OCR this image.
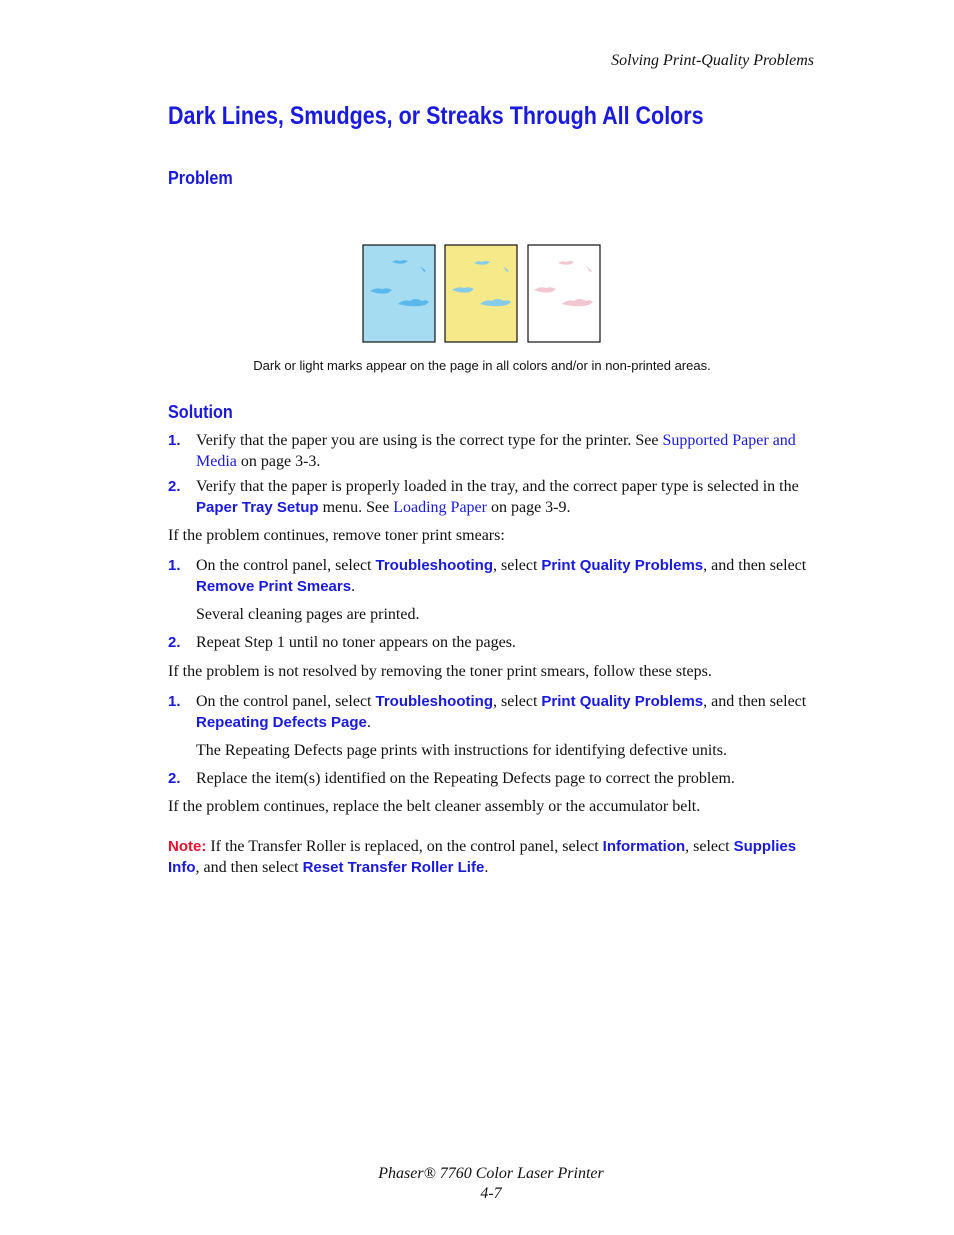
Solving Print-Quality Problems
Dark Lines, Smudges, or Streaks Through All Colors
Problem
Dark or light marks appear on the page in all colors and/or in non-printed areas.
Solution
1. Verify that the paper you are using is the correct type for the printer. See Supported Paper and Media on page 3-3.
2. Verify that the paper is properly loaded in the tray, and the correct paper type is selected in the Paper Tray Setup menu. See Loading Paper on page 3-9.

If the problem continues, remove toner print smears:

1. On the control panel, select Troubleshooting, select Print Quality Problems, and then select Remove Print Smears.
Several cleaning pages are printed.
2. Repeat Step 1 until no toner appears on the pages.

If the problem is not resolved by removing the toner print smears, follow these steps.

1. On the control panel, select Troubleshooting, select Print Quality Problems, and then select Repeating Defects Page.
The Repeating Defects page prints with instructions for identifying defective units.
2. Replace the item(s) identified on the Repeating Defects page to correct the problem.

If the problem continues, replace the belt cleaner assembly or the accumulator belt.

Note: If the Transfer Roller is replaced, on the control panel, select Information, select Supplies Info, and then select Reset Transfer Roller Life.
Phaser® 7760 Color Laser Printer
4-7
